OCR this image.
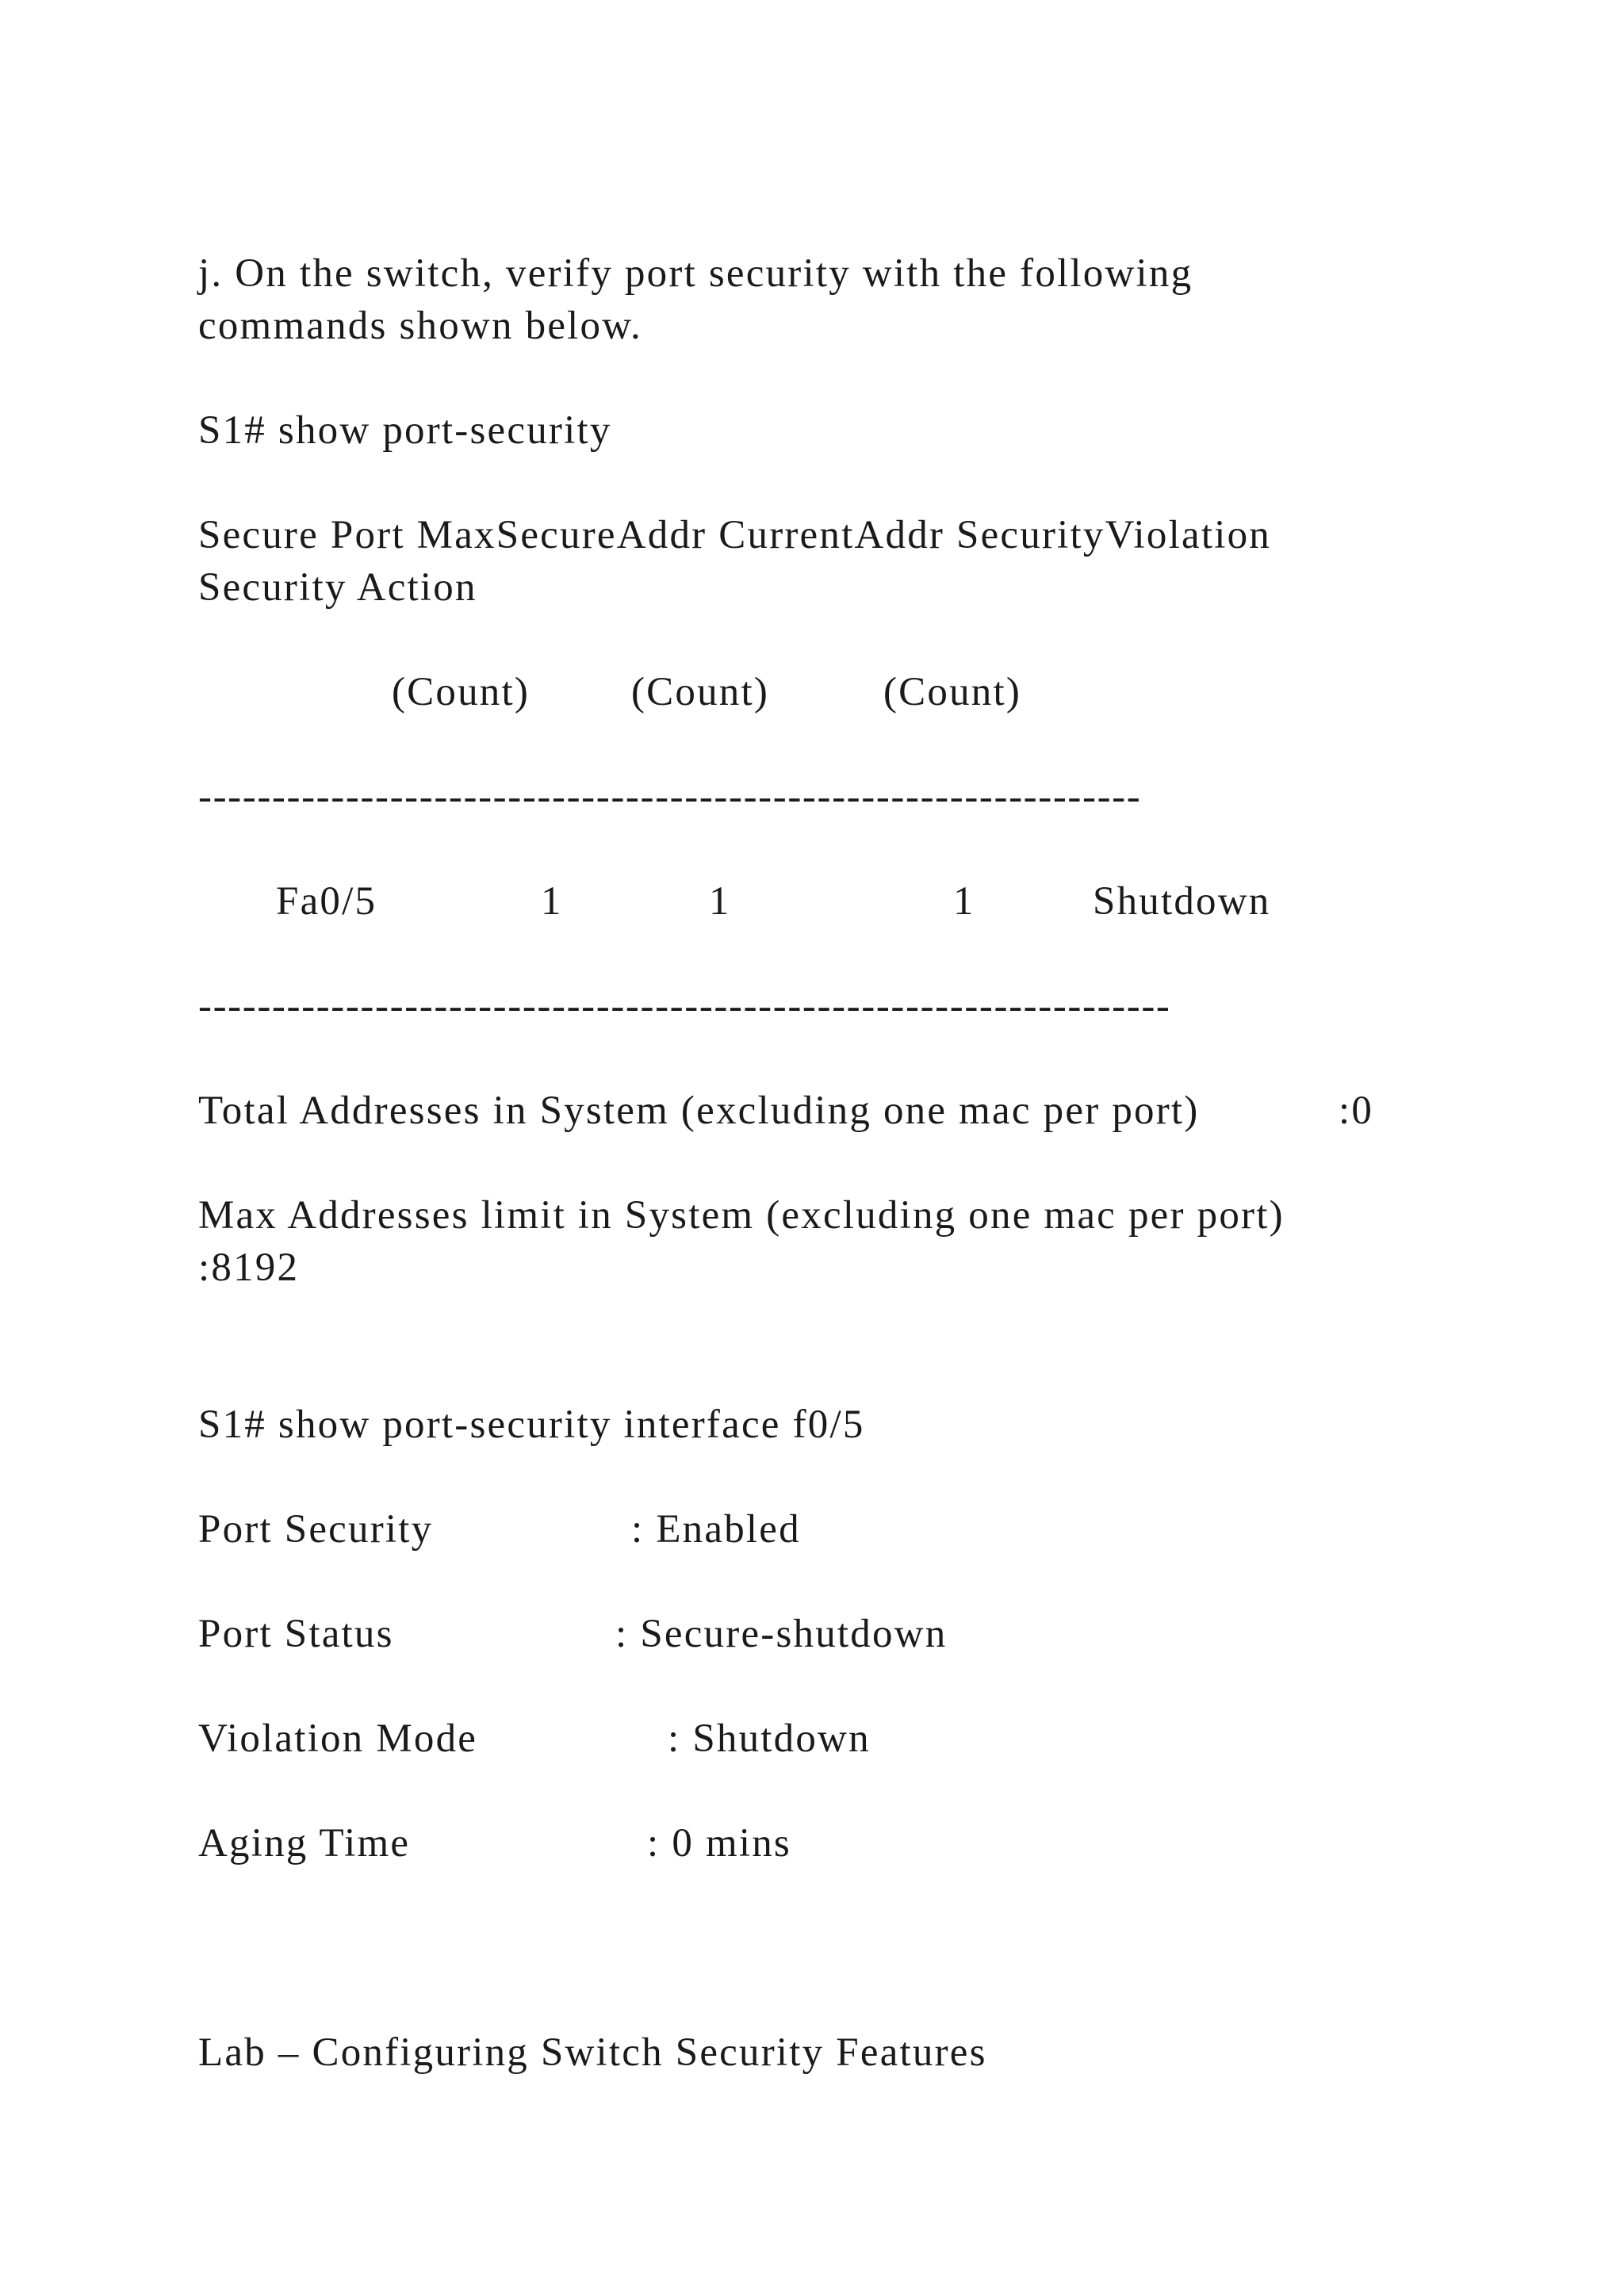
j. On the switch, verify port security with the following
commands shown below.
S1# show port-security
Secure Port MaxSecureAddr CurrentAddr SecurityViolation
Security Action
(Count)	(Count)	(Count)
----------------------------------------------------------------
Fa0/5	1	1	1	Shutdown
------------------------------------------------------------------
Total Addresses in System (excluding one mac per port)	:0
Max Addresses limit in System (excluding one mac per port)
:8192
S1# show port-security interface f0/5
Port Security	: Enabled
Port Status	: Secure-shutdown
Violation Mode	: Shutdown
Aging Time	: 0 mins
Lab – Configuring Switch Security Features
